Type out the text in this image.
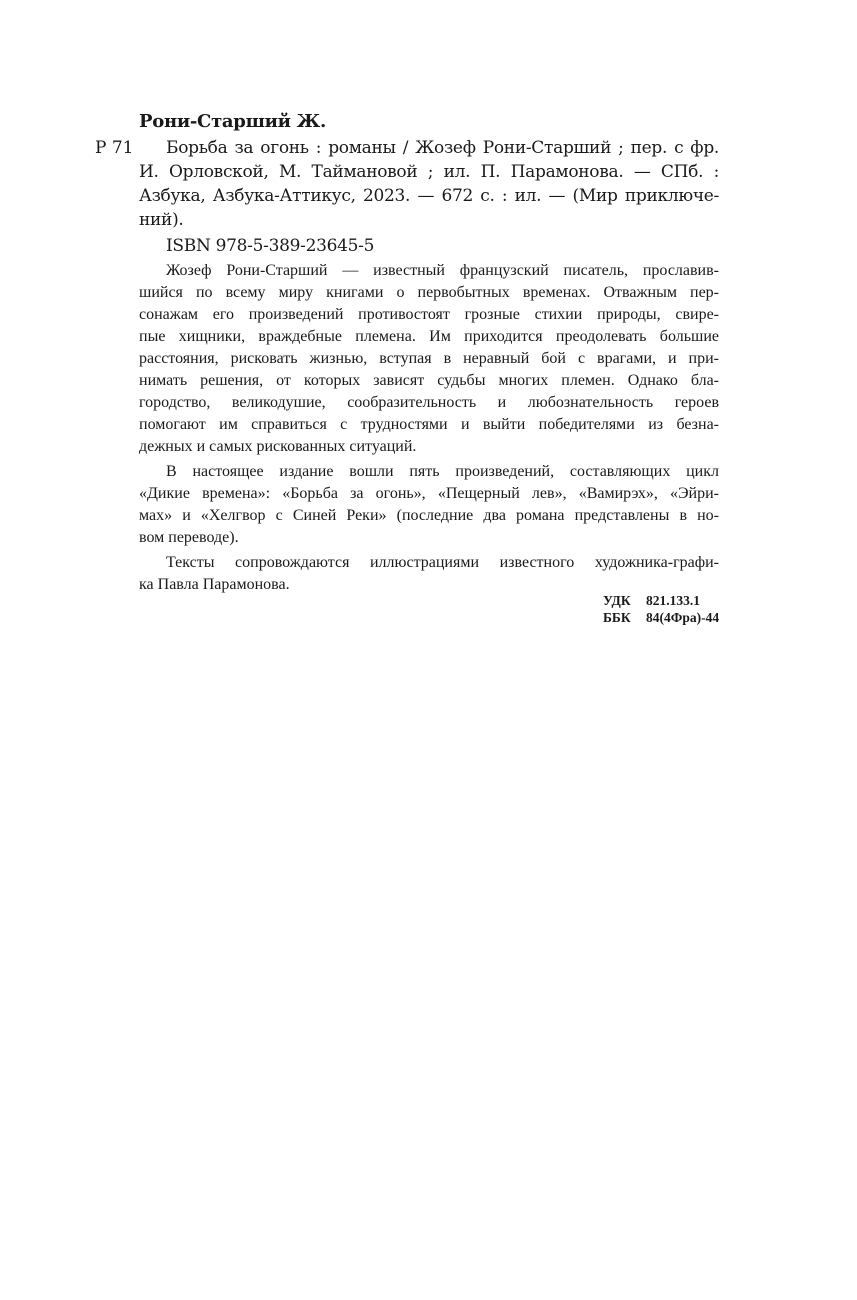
Рони-Старший Ж.
Р 71 Борьба за огонь : романы / Жозеф Рони-Старший ; пер. с фр.
И. Орловской, М. Таймановой ; ил. П. Парамонова. — СПб. :
Азбука, Азбука-Аттикус, 2023. — 672 с. : ил. — (Мир приключе-
ний).
ISBN 978-5-389-23645-5
Жозеф Рони-Старший — известный французский писатель, прославив-
шийся по всему миру книгами о первобытных временах. Отважным пер-
сонажам его произведений противостоят грозные стихии природы, свире-
пые хищники, враждебные племена. Им приходится преодолевать большие
расстояния, рисковать жизнью, вступая в неравный бой с врагами, и при-
нимать решения, от которых зависят судьбы многих племен. Однако бла-
городство, великодушие, сообразительность и любознательность героев
помогают им справиться с трудностями и выйти победителями из безна-
дежных и самых рискованных ситуаций.
В настоящее издание вошли пять произведений, составляющих цикл
«Дикие времена»: «Борьба за огонь», «Пещерный лев», «Вамирэх», «Эйри-
мах» и «Хелгвор с Синей Реки» (последние два романа представлены в но-
вом переводе).
Тексты сопровождаются иллюстрациями известного художника-графи-
ка Павла Парамонова.
УДК 821.133.1
ББК 84(4Фра)-44
